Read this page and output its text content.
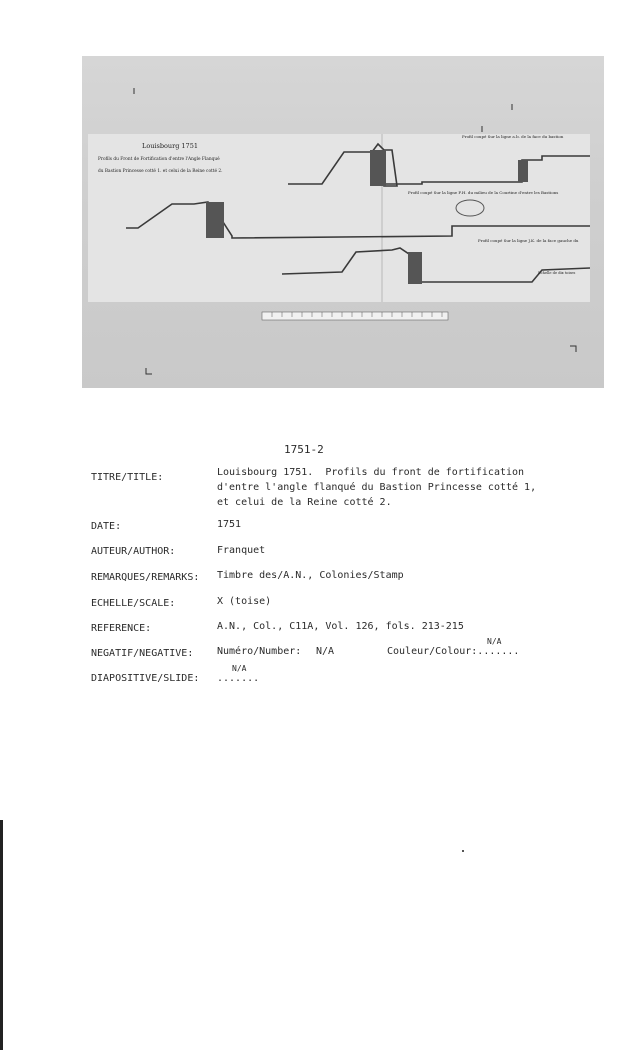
Louisbourg 1751
Profils du Front de Fortification d'entre l'Angle Flanqué
du Bastion Princesse cotté 1. et celui de la Reine cotté 2.
Profil coupé Sur la ligne a.b. de la face du bastion
Profil coupé Sur la ligne F.H. du milieu de la Courtine d'entre les Bastions
Profil coupé Sur la ligne J.K. de la face gauche du
Echelle de dix toises
1751-2
TITRE/TITLE:	Louisbourg 1751.  Profils du front de fortification
d'entre l'angle flanqué du Bastion Princesse cotté 1,
et celui de la Reine cotté 2.
DATE:	1751
AUTEUR/AUTHOR:	Franquet
REMARQUES/REMARKS:	Timbre des/A.N., Colonies/Stamp
ECHELLE/SCALE:	X (toise)
REFERENCE:	A.N., Col., C11A, Vol. 126, fols. 213-215
NEGATIF/NEGATIVE:	Numéro/Number: N/A	Couleur/Colour:.......
N/A
DIAPOSITIVE/SLIDE:	.......
N/A
